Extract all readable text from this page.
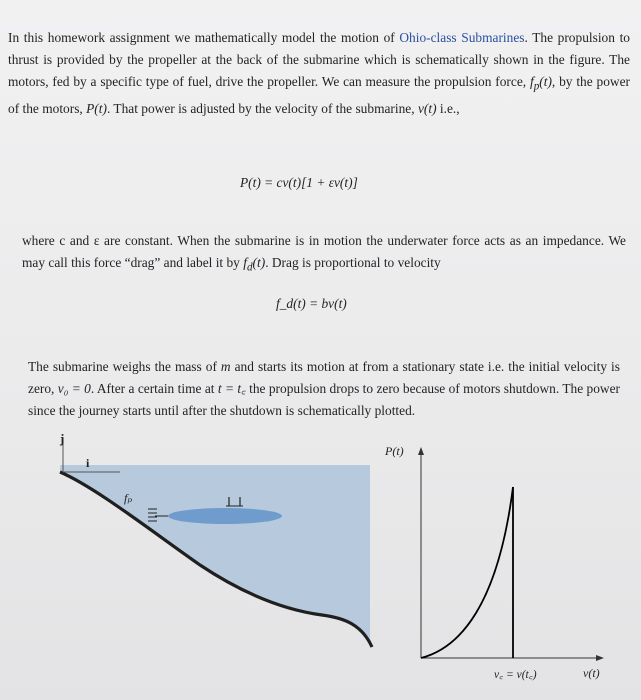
In this homework assignment we mathematically model the motion of Ohio-class Submarines. The propulsion to thrust is provided by the propeller at the back of the submarine which is schematically shown in the figure. The motors, fed by a specific type of fuel, drive the propeller. We can measure the propulsion force, $f_p(t)$, by the power of the motors, P(t). That power is adjusted by the velocity of the submarine, v(t) i.e.,

P(t) = cv(t)[1 + εv(t)]

where c and ε are constant. When the submarine is in motion the underwater force acts as an impedance. We may call this force “drag” and label it by $f_d(t)$. Drag is proportional to velocity

f_d(t) = bv(t)

The submarine weighs the mass of m and starts its motion at from a stationary state i.e. the initial velocity is zero, v₀ = 0. After a certain time at t = t꜀ the propulsion drops to zero because of motors shutdown. The power since the journey starts until after the shutdown is schematically plotted.

j
i
fₚ
P(t)
v꜀ = v(t꜀)	v(t)
